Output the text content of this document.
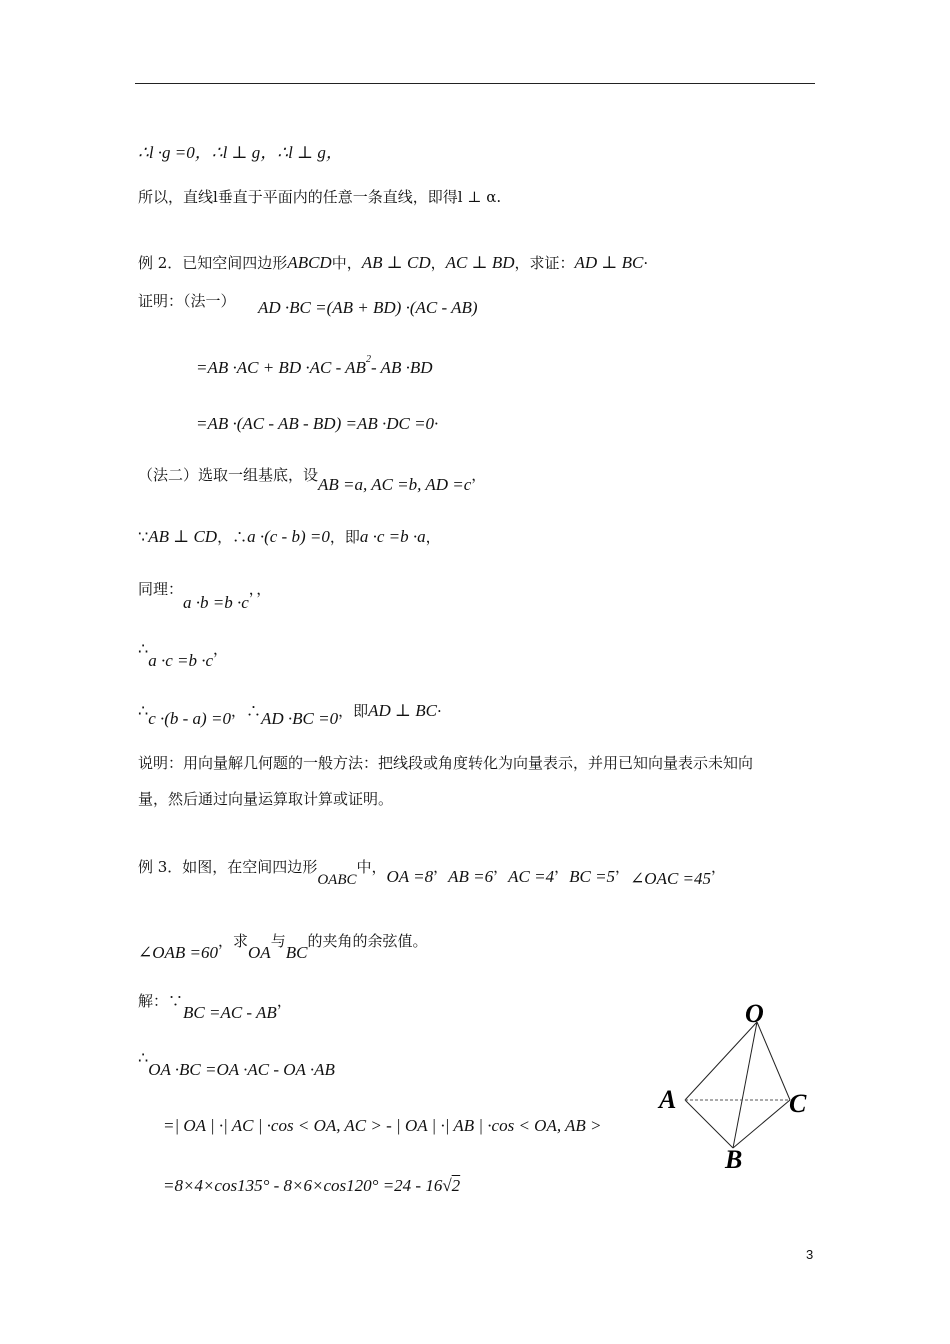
∴l ·g =0，∴l ⊥ g，∴l ⊥ g，
所以，直线l垂直于平面内的任意一条直线，即得l ⊥ α.
例 2．已知空间四边形ABCD中，AB ⊥ CD，AC ⊥ BD，求证：AD ⊥ BC·
证明：（法一） AD ·BC =(AB + BD) ·(AC - AB)
=AB ·AC + BD $\cdot AC - AB^2-$ AB ·BD
=AB ·(AC - AB - BD) =AB ·DC =0·
（法二）选取一组基底，设AB =a, AC =b, AD =c，
∵AB ⊥ CD，∴a ·(c - b) =0，即a ·c =b ·a，
同理：a ·b =b ·c，，
∴a ·c =b ·c，
∴c ·(b - a) =0，∴AD ·BC =0，即AD ⊥ BC·
说明：用向量解几何题的一般方法：把线段或角度转化为向量表示，并用已知向量表示未知向
量，然后通过向量运算取计算或证明。
例 3．如图，在空间四边形OABC中，OA =8，AB =6，AC =4，BC =5，∠OAC =45，
∠OAB =60，求OA与BC的夹角的余弦值。
解：∵BC =AC - AB，
∴OA ·BC =OA ·AC - OA ·AB
=| OA | ·| AC | ·cos < OA, AC > - | OA | ·| AB | ·cos < OA, AB >
=8×4×cos135° - 8×6×cos120° =24 - 16√2
O
A	C
B
3
